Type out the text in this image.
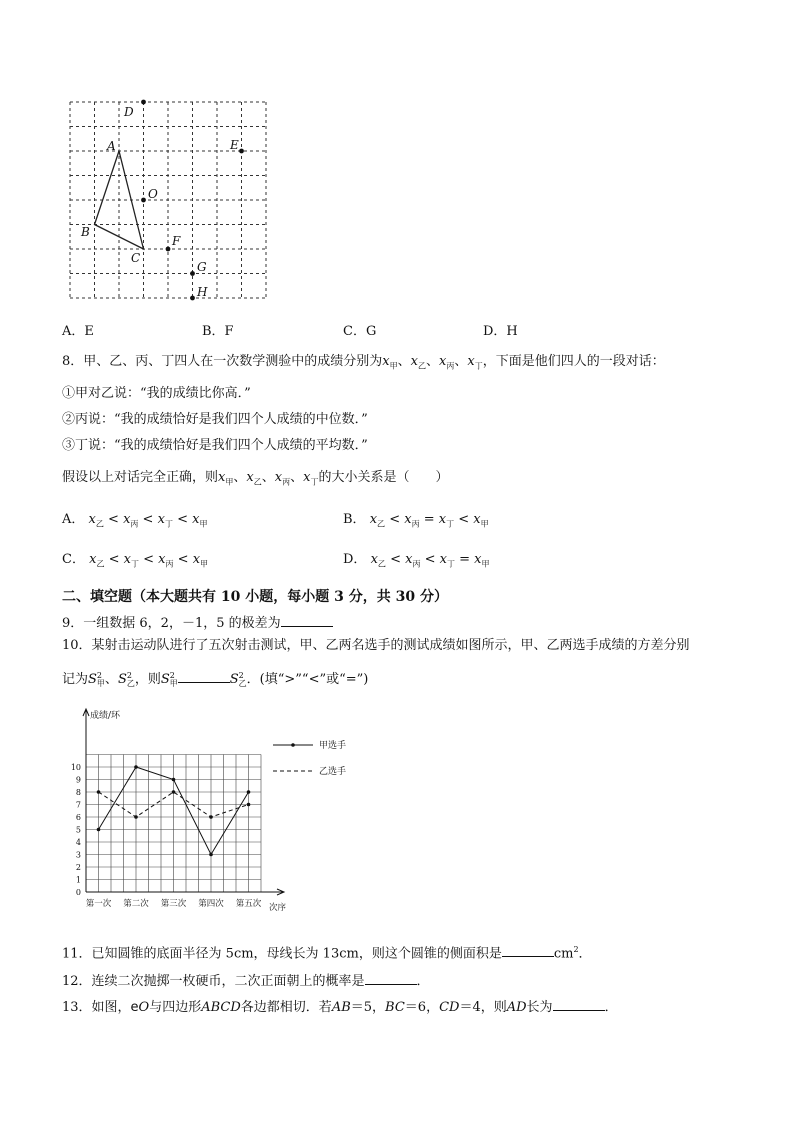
D
A	E
O
B
F
C
G
H
A．E	B．F	C．G	D．H
8．甲、乙、丙、丁四人在一次数学测验中的成绩分别为$x_甲$、$x_乙$、$x_丙$、$x_丁$，下面是他们四人的一段对话：
①甲对乙说：“我的成绩比你高．”
②丙说：“我的成绩恰好是我们四个人成绩的中位数．”
③丁说：“我的成绩恰好是我们四个人成绩的平均数．”
假设以上对话完全正确，则$x_甲$、$x_乙$、$x_丙$、$x_丁$的大小关系是（　　）
A． $x_乙 < x_丙 < x_丁 < x_甲$	B． $x_乙 < x_丙 = x_丁 < x_甲$
C． $x_乙 < x_丁 < x_丙 < x_甲$	D． $x_乙 < x_丙 < x_丁 = x_甲$
二、填空题（本大题共有 10 小题，每小题 3 分，共 30 分）
9．一组数据 6，2，－1，5 的极差为
10．某射击运动队进行了五次射击测试，甲、乙两名选手的测试成绩如图所示，甲、乙两选手成绩的方差分别
记为S 2
甲 、S 2
乙 ，则S 2
甲	S 2
乙 ．(填“>”“<”或“=”)
0
1
2
3
4
5
6
7
8
9
10
成绩/环
第一次 第二次 第三次 第四次 第五次 次序
甲选手
乙选手
11．已知圆锥的底面半径为 5cm，母线长为 13cm，则这个圆锥的侧面积是	$cm^2$．
12．连续二次抛掷一枚硬币，二次正面朝上的概率是	．
13．如图，eO与四边形ABCD各边都相切．若AB＝5，BC＝6，CD＝4，则AD长为	．
